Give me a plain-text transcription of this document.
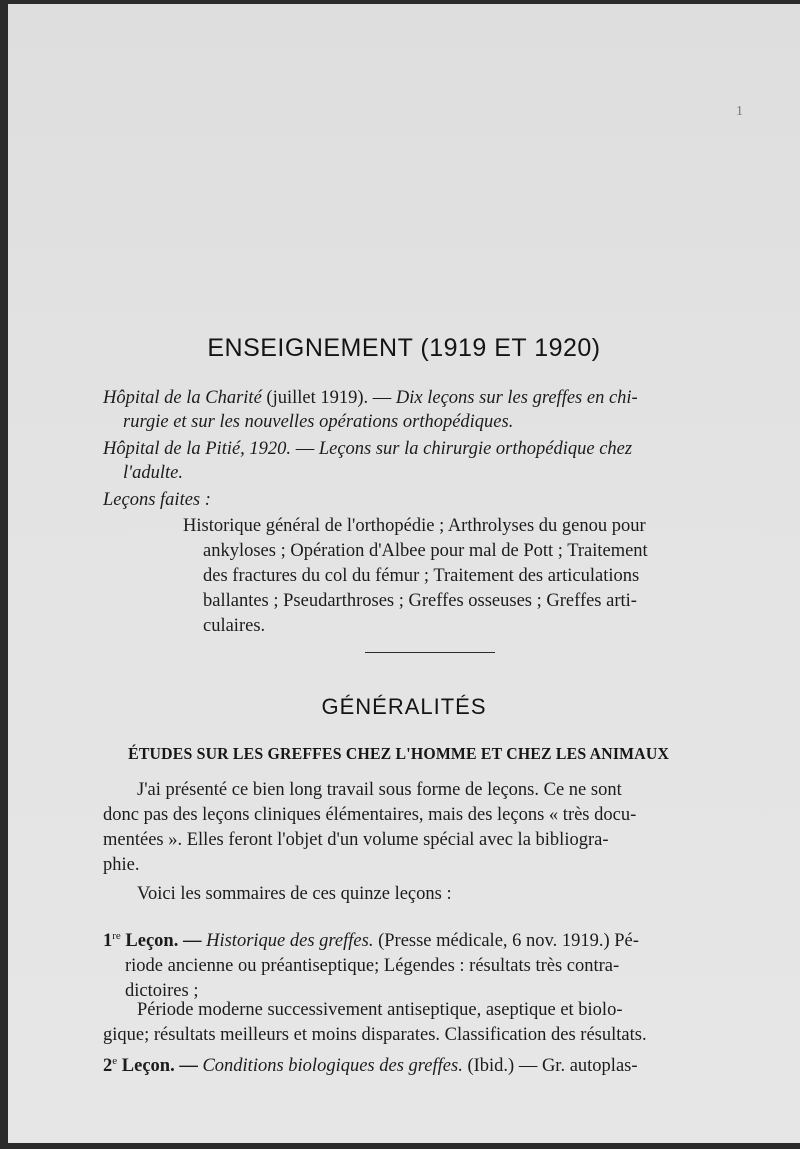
1
ENSEIGNEMENT (1919 ET 1920)
Hôpital de la Charité (juillet 1919). — Dix leçons sur les greffes en chi-
rurgie et sur les nouvelles opérations orthopédiques.
Hôpital de la Pitié, 1920. — Leçons sur la chirurgie orthopédique chez
l'adulte.
Leçons faites :
Historique général de l'orthopédie ; Arthrolyses du genou pour
ankyloses ; Opération d'Albee pour mal de Pott ; Traitement
des fractures du col du fémur ; Traitement des articulations
ballantes ; Pseudarthroses ; Greffes osseuses ; Greffes arti-
culaires.
GÉNÉRALITÉS
ÉTUDES SUR LES GREFFES CHEZ L'HOMME ET CHEZ LES ANIMAUX
J'ai présenté ce bien long travail sous forme de leçons. Ce ne sont
donc pas des leçons cliniques élémentaires, mais des leçons « très docu-
mentées ». Elles feront l'objet d'un volume spécial avec la bibliogra-
phie.
Voici les sommaires de ces quinze leçons :
1re Leçon. — Historique des greffes. (Presse médicale, 6 nov. 1919.) Pé-
riode ancienne ou préantiseptique; Légendes : résultats très contra-
dictoires ;
Période moderne successivement antiseptique, aseptique et biolo-
gique; résultats meilleurs et moins disparates. Classification des résultats.
2e Leçon. — Conditions biologiques des greffes. (Ibid.) — Gr. autoplas-
